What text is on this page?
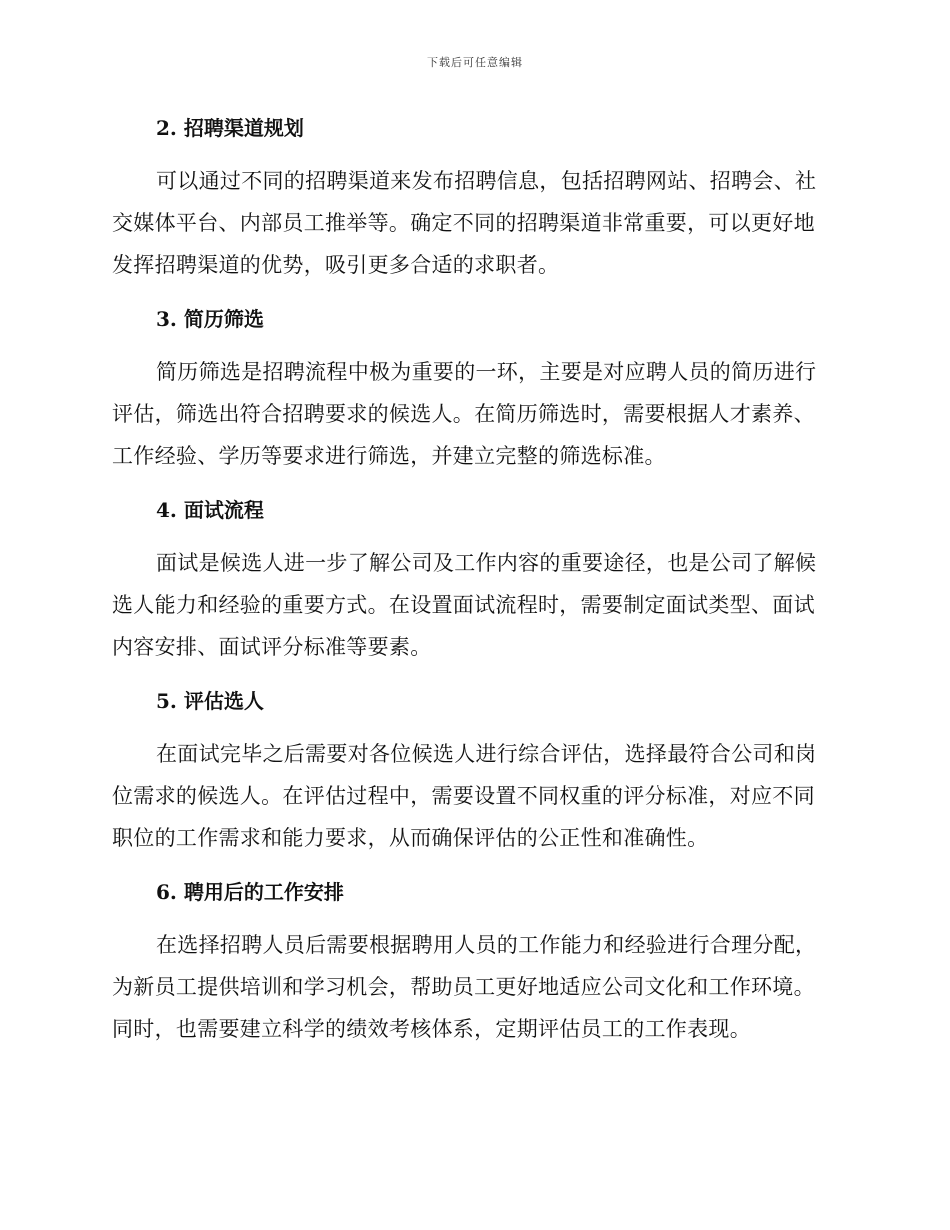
下载后可任意编辑
2. 招聘渠道规划

可以通过不同的招聘渠道来发布招聘信息，包括招聘网站、招聘会、社交媒体平台、内部员工推举等。确定不同的招聘渠道非常重要，可以更好地发挥招聘渠道的优势，吸引更多合适的求职者。

3. 简历筛选

简历筛选是招聘流程中极为重要的一环，主要是对应聘人员的简历进行评估，筛选出符合招聘要求的候选人。在简历筛选时，需要根据人才素养、工作经验、学历等要求进行筛选，并建立完整的筛选标准。

4. 面试流程

面试是候选人进一步了解公司及工作内容的重要途径，也是公司了解候选人能力和经验的重要方式。在设置面试流程时，需要制定面试类型、面试内容安排、面试评分标准等要素。

5. 评估选人

在面试完毕之后需要对各位候选人进行综合评估，选择最符合公司和岗位需求的候选人。在评估过程中，需要设置不同权重的评分标准，对应不同职位的工作需求和能力要求，从而确保评估的公正性和准确性。

6. 聘用后的工作安排

在选择招聘人员后需要根据聘用人员的工作能力和经验进行合理分配，为新员工提供培训和学习机会，帮助员工更好地适应公司文化和工作环境。同时，也需要建立科学的绩效考核体系，定期评估员工的工作表现。
